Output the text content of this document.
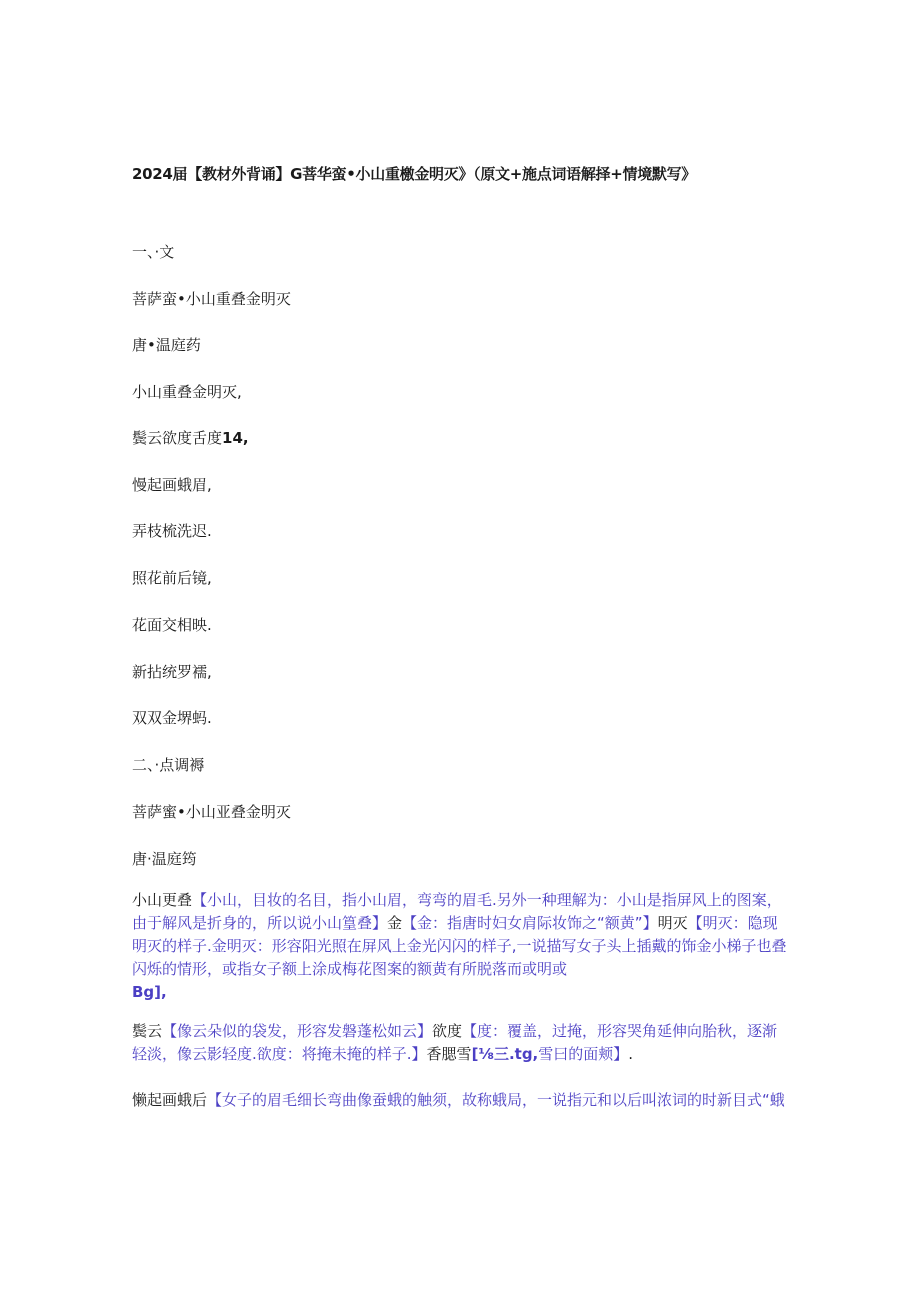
2024届【教材外背诵】G菩华蛮•小山重檄金明灭》（原文+施点词语解择+情境默写》
一、·文
菩萨蛮•小山重叠金明灭
唐•温庭药
小山重叠金明灭,
鬓云欲度舌度14,
慢起画蛾眉,
弄枝梳洗迟.
照花前后镜,
花面交相映.
新拈统罗襦,
双双金堺蚂.
二、·点调褥
菩萨蜜•小山亚叠金明灭
唐·温庭筠
小山更叠【小山，目妆的名目，指小山眉，弯弯的眉毛.另外一种理解为：小山是指屏风上的图案，由于解风是折身的，所以说小山篁叠】金【金：指唐时妇女肩际妆饰之“额黄”】明灭【明灭：隐现明灭的样子.金明灭：形容阳光照在屏风上金光闪闪的样子,一说描写女子头上插戴的饰金小梯子也叠闪烁的情形，或指女子额上涂成梅花图案的额黄有所脱落而或明或
Bg],
鬓云【像云朵似的袋发，形容发磐蓬松如云】欲度【度：覆盖，过掩，形容哭角延伸向胎秋，逐渐轻淡，像云影轻度.欲度：将掩未掩的样子.】香腮雪[⅛三.tg,雪曰的面颊】.
懒起画蛾后【女子的眉毛细长弯曲像蚕蛾的触须，故称蛾局，一说指元和以后叫浓词的时新目式“蛾
